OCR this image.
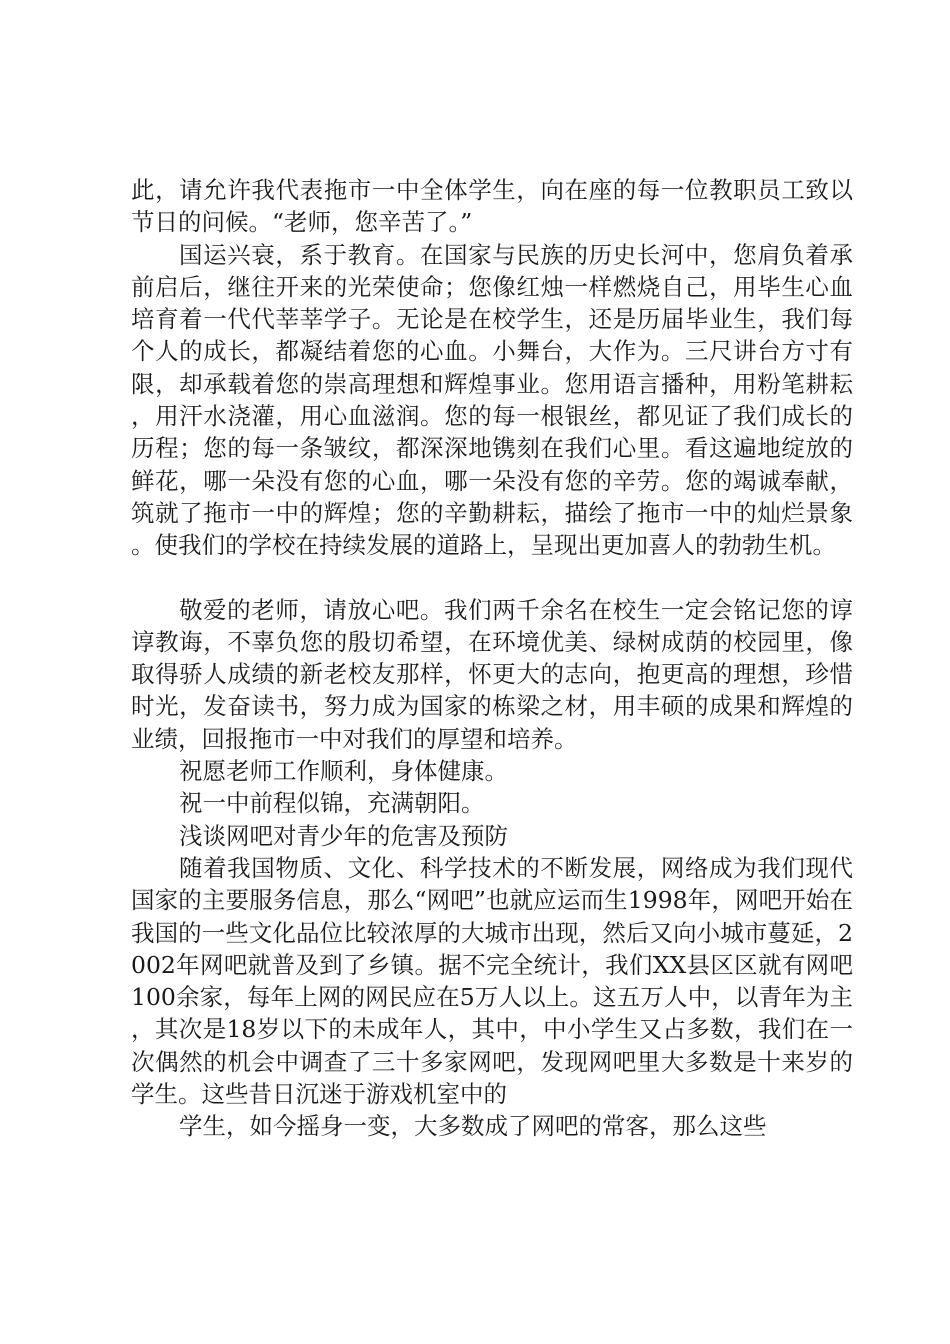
此，请允许我代表拖市一中全体学生，向在座的每一位教职员工致以节日的问候。“老师，您辛苦了。”

国运兴衰，系于教育。在国家与民族的历史长河中，您肩负着承前启后，继往开来的光荣使命；您像红烛一样燃烧自己，用毕生心血培育着一代代莘莘学子。无论是在校学生，还是历届毕业生，我们每个人的成长，都凝结着您的心血。小舞台，大作为。三尺讲台方寸有限，却承载着您的崇高理想和辉煌事业。您用语言播种，用粉笔耕耘，用汗水浇灌，用心血滋润。您的每一根银丝，都见证了我们成长的历程；您的每一条皱纹，都深深地镌刻在我们心里。看这遍地绽放的鲜花，哪一朵没有您的心血，哪一朵没有您的辛劳。您的竭诚奉献，筑就了拖市一中的辉煌；您的辛勤耕耘，描绘了拖市一中的灿烂景象。使我们的学校在持续发展的道路上，呈现出更加喜人的勃勃生机。

敬爱的老师，请放心吧。我们两千余名在校生一定会铭记您的谆谆教诲，不辜负您的殷切希望，在环境优美、绿树成荫的校园里，像取得骄人成绩的新老校友那样，怀更大的志向，抱更高的理想，珍惜时光，发奋读书，努力成为国家的栋梁之材，用丰硕的成果和辉煌的业绩，回报拖市一中对我们的厚望和培养。

祝愿老师工作顺利，身体健康。

祝一中前程似锦，充满朝阳。

浅谈网吧对青少年的危害及预防

随着我国物质、文化、科学技术的不断发展，网络成为我们现代国家的主要服务信息，那么“网吧”也就应运而生1998年，网吧开始在我国的一些文化品位比较浓厚的大城市出现，然后又向小城市蔓延，2002年网吧就普及到了乡镇。据不完全统计，我们XX县区区就有网吧100余家，每年上网的网民应在5万人以上。这五万人中，以青年为主，其次是18岁以下的未成年人，其中，中小学生又占多数，我们在一次偶然的机会中调查了三十多家网吧，发现网吧里大多数是十来岁的学生。这些昔日沉迷于游戏机室中的

学生，如今摇身一变，大多数成了网吧的常客，那么这些
